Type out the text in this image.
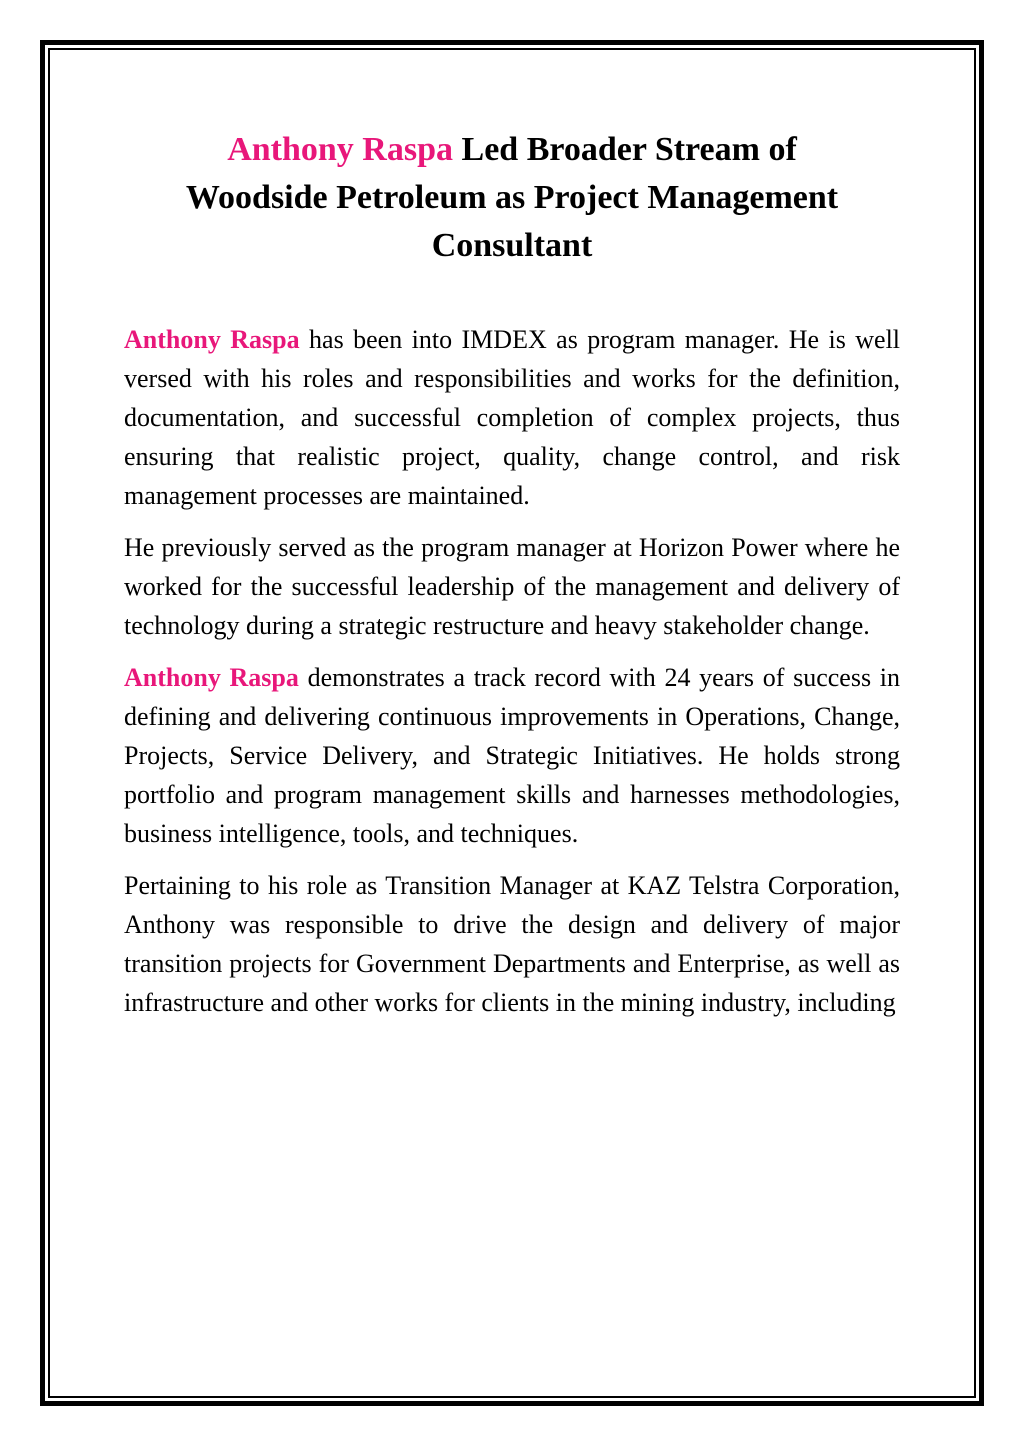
Anthony Raspa Led Broader Stream of Woodside Petroleum as Project Management Consultant

Anthony Raspa has been into IMDEX as program manager. He is well versed with his roles and responsibilities and works for the definition, documentation, and successful completion of complex projects, thus ensuring that realistic project, quality, change control, and risk management processes are maintained.

He previously served as the program manager at Horizon Power where he worked for the successful leadership of the management and delivery of technology during a strategic restructure and heavy stakeholder change.

Anthony Raspa demonstrates a track record with 24 years of success in defining and delivering continuous improvements in Operations, Change, Projects, Service Delivery, and Strategic Initiatives. He holds strong portfolio and program management skills and harnesses methodologies, business intelligence, tools, and techniques.

Pertaining to his role as Transition Manager at KAZ Telstra Corporation, Anthony was responsible to drive the design and delivery of major transition projects for Government Departments and Enterprise, as well as infrastructure and other works for clients in the mining industry, including
